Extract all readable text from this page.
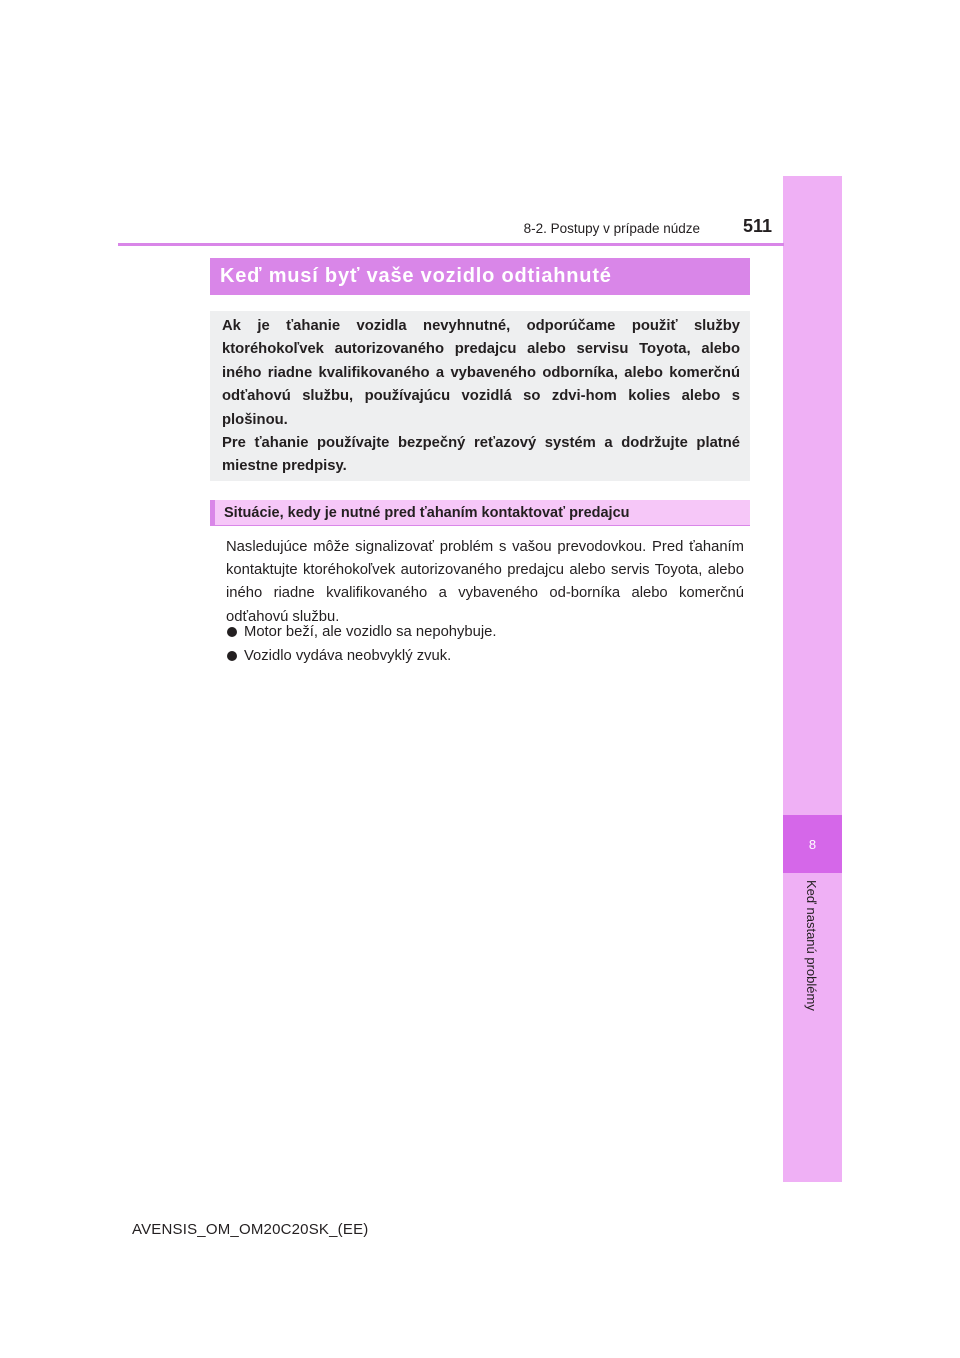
8
Keď nastanú problémy
8-2. Postupy v prípade núdze	511
Keď musí byť vaše vozidlo odtiahnuté

Ak je ťahanie vozidla nevyhnutné, odporúčame použiť služby ktoréhokoľvek autorizovaného predajcu alebo servisu Toyota, alebo iného riadne kvalifikovaného a vybaveného odborníka, alebo komerčnú odťahovú službu, používajúcu vozidlá so zdvi-hom kolies alebo s plošinou.

Pre ťahanie používajte bezpečný reťazový systém a dodržujte platné miestne predpisy.

Situácie, kedy je nutné pred ťahaním kontaktovať predajcu

Nasledujúce môže signalizovať problém s vašou prevodovkou. Pred ťahaním kontaktujte ktoréhokoľvek autorizovaného predajcu alebo servis Toyota, alebo iného riadne kvalifikovaného a vybaveného od-borníka alebo komerčnú odťahovú službu.

Motor beží, ale vozidlo sa nepohybuje.
Vozidlo vydáva neobvyklý zvuk.
AVENSIS_OM_OM20C20SK_(EE)
